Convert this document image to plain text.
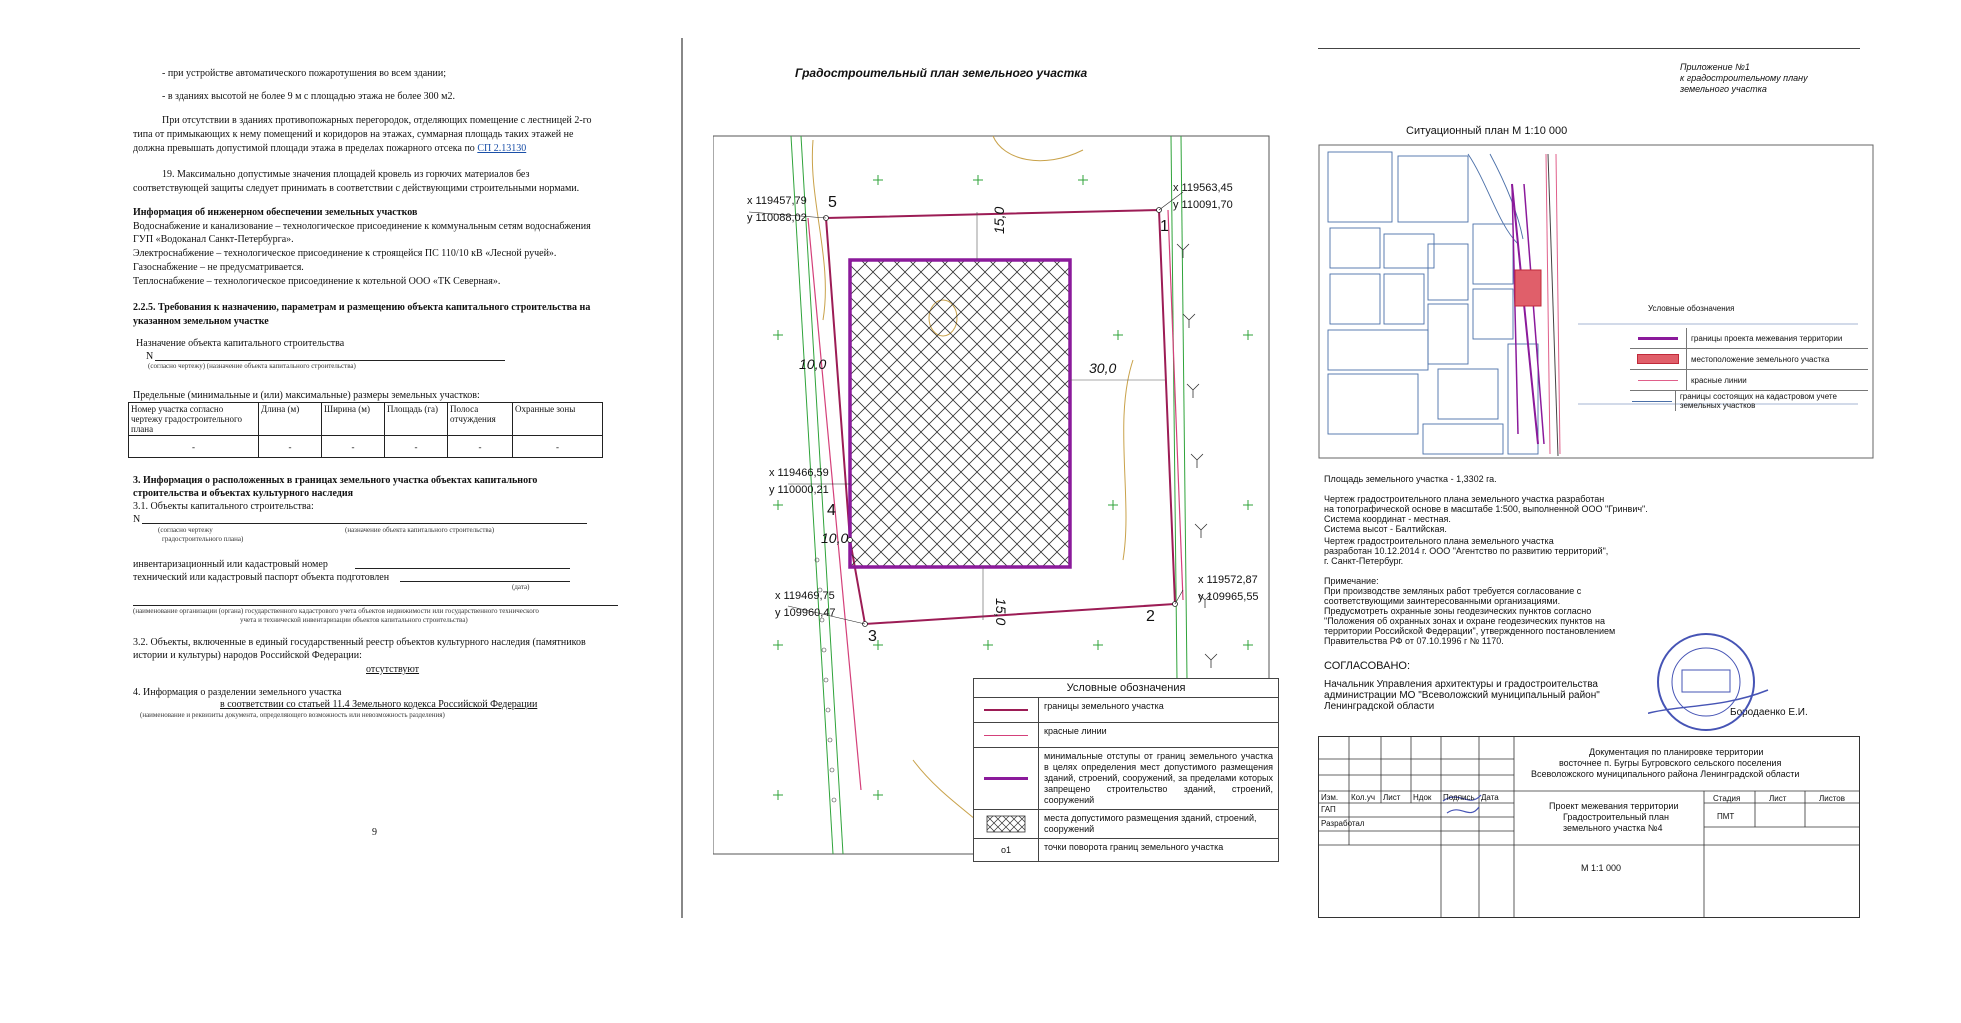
- при устройстве автоматического пожаротушения во всем здании;
- в зданиях высотой не более 9 м с площадью этажа не более 300 м2.
При отсутствии в зданиях противопожарных перегородок, отделяющих помещение с лестницей 2-го
типа от примыкающих к нему помещений и коридоров на этажах, суммарная площадь таких этажей не
должна превышать допустимой площади этажа в пределах пожарного отсека по СП 2.13130
19. Максимально допустимые значения площадей кровель из горючих материалов без
соответствующей защиты следует принимать в соответствии с действующими строительными нормами.
Информация об инженерном обеспечении земельных участков
Водоснабжение и канализование – технологическое присоединение к коммунальным сетям водоснабжения
ГУП «Водоканал Санкт-Петербурга».
Электроснабжение – технологическое присоединение к строящейся ПС 110/10 кВ «Лесной ручей».
Газоснабжение – не предусматривается.
Теплоснабжение – технологическое присоединение к котельной ООО «ТК Северная».
2.2.5. Требования к назначению, параметрам и размещению объекта капитального строительства на
указанном земельном участке
Назначение объекта капитального строительства
N
(согласно чертежу) (назначение объекта капитального строительства)
Предельные (минимальные и (или) максимальные) размеры земельных участков:
Номер участка согласно чертежу градостроительного плана	Длина (м)	Ширина (м)	Площадь (га)	Полоса отчуждения	Охранные зоны
-	-	-	-	-	-
3. Информация о расположенных в границах земельного участка объектах капитального
строительства и объектах культурного наследия
3.1. Объекты капитального строительства:
N
(согласно чертежу	(назначение объекта капитального строительства)
градостроительного плана)
инвентаризационный или кадастровый номер
технический или кадастровый паспорт объекта подготовлен
(дата)
(наименование организации (органа) государственного кадастрового учета объектов недвижимости или государственного технического
учета и технической инвентаризации объектов капитального строительства)
3.2. Объекты, включенные в единый государственный реестр объектов культурного наследия (памятников
истории и культуры) народов Российской Федерации:
отсутствуют
4. Информация о разделении земельного участка
в соответствии со статьей 11.4 Земельного кодекса Российской Федерации
(наименование и реквизиты документа, определяющего возможность или невозможность разделения)
9
Градостроительный план земельного участка
x 119457,79
у 110088,02
x 119563,45
у 110091,70
x 119466,59
у 110000,21
x 119469,75
у 109960,47
x 119572,87
у 109965,55
5
1
4
3
2
15,0
15,0
10,0
10,0
30,0
Условные обозначения
границы земельного участка
красные линии
минимальные отступы от границ земельного участка в целях определения мест допустимого размещения зданий, строений, сооружений, за пределами которых запрещено строительство зданий, строений, сооружений
места допустимого размещения зданий, строений, сооружений
о1	точки поворота границ земельного участка
Приложение №1
к градостроительному плану
земельного участка
Ситуационный план М 1:10 000
Условные обозначения
границы проекта межевания территории
местоположение земельного участка
красные линии
границы состоящих на кадастровом учете земельных участков
Площадь земельного участка - 1,3302 га.
Чертеж градостроительного плана земельного участка разработан
на топографической основе в масштабе 1:500, выполненной ООО "Гринвич".
Система координат - местная.
Система высот - Балтийская.
Чертеж градостроительного плана земельного участка
разработан 10.12.2014 г. ООО "Агентство по развитию территорий",
г. Санкт-Петербург.
Примечание:
При производстве земляных работ требуется согласование с
соответствующими заинтересованными организациями.
Предусмотреть охранные зоны геодезических пунктов согласно
"Положения об охранных зонах и охране геодезических пунктов на
территории Российской Федерации", утвержденного постановлением
Правительства РФ от 07.10.1996 г № 1170.
СОГЛАСОВАНО:
Начальник Управления архитектуры и градостроительства
администрации МО "Всеволожский муниципальный район"
Ленинградской области
Бородаенко Е.И.
Документация по планировке территории
восточнее п. Бугры Бугровского сельского поселения
Всеволожского муниципального района Ленинградской области
Изм. Кол.уч Лист Ндок Подпись Дата
ГАП
Разработал
Проект межевания территории
Градостроительный план
земельного участка №4
Стадия	Лист	Листов
ПМТ
М 1:1 000
